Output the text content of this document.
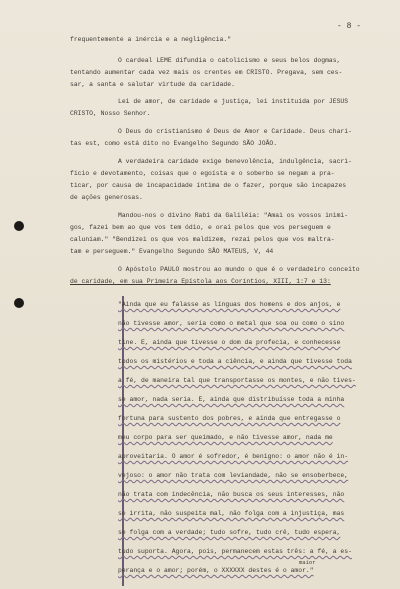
- 8 -
frequentemente a inércia e a negligência."
O cardeal LEME difundia o catolicismo e seus belos dogmas,
tentando aumentar cada vez mais os crentes em CRISTO. Pregava, sem ces-
sar, a santa e salutar virtude da caridade.
Lei de amor, de caridade e justiça, lei instituída por JESUS
CRISTO, Nosso Senhor.
O Deus do cristianismo é Deus de Amor e Caridade. Deus chari-
tas est, como está dito no Evangelho Segundo SÃO JOÃO.
A verdadeira caridade exige benevolência, indulgência, sacri-
fício e devotamento, coisas que o egoísta e o soberbo se negam a pra-
ticar, por causa de incapacidade íntima de o fazer, porque são incapazes
de ações generosas.
Mandou-nos o divino Rabi da Galiléia: "Amai os vossos inimi-
gos, fazei bem ao que vos tem ódio, e orai pelos que vos perseguem e
caluniam." "Bendizei os que vos maldizem, rezai pelos que vos maltra-
tam e perseguem." Evangelho Segundo SÃO MATEUS, V, 44
O Apóstolo PAULO mostrou ao mundo o que é o verdadeiro conceito
de caridade, em sua Primeira Epístola aos Coríntios, XIII, 1:7 e 13:
"Ainda que eu falasse as línguas dos homens e dos anjos, e
não tivesse amor, seria como o metal que soa ou como o sino
tine. E, ainda que tivesse o dom da profecia, e conhecesse
todos os mistérios e toda a ciência, e ainda que tivesse toda
a fé, de maneira tal que transportasse os montes, e não tives-
se amor, nada seria. E, ainda que distribuísse toda a minha
fortuna para sustento dos pobres, e ainda que entregasse o
meu corpo para ser queimado, e não tivesse amor, nada me
aproveitaria. O amor é sofredor, é benigno: o amor não é in-
vejoso: o amor não trata com leviandade, não se ensoberbece,
não trata com indecência, não busca os seus interesses, não
se irrita, não suspeita mal, não folga com a injustiça, mas
se folga com a verdade; tudo sofre, tudo crê, tudo espera,
tudo suporta. Agora, pois, permanecem estas três: a fé, a es-
maior
perança e o amor; porém, o XXXXXX destes é o amor."
